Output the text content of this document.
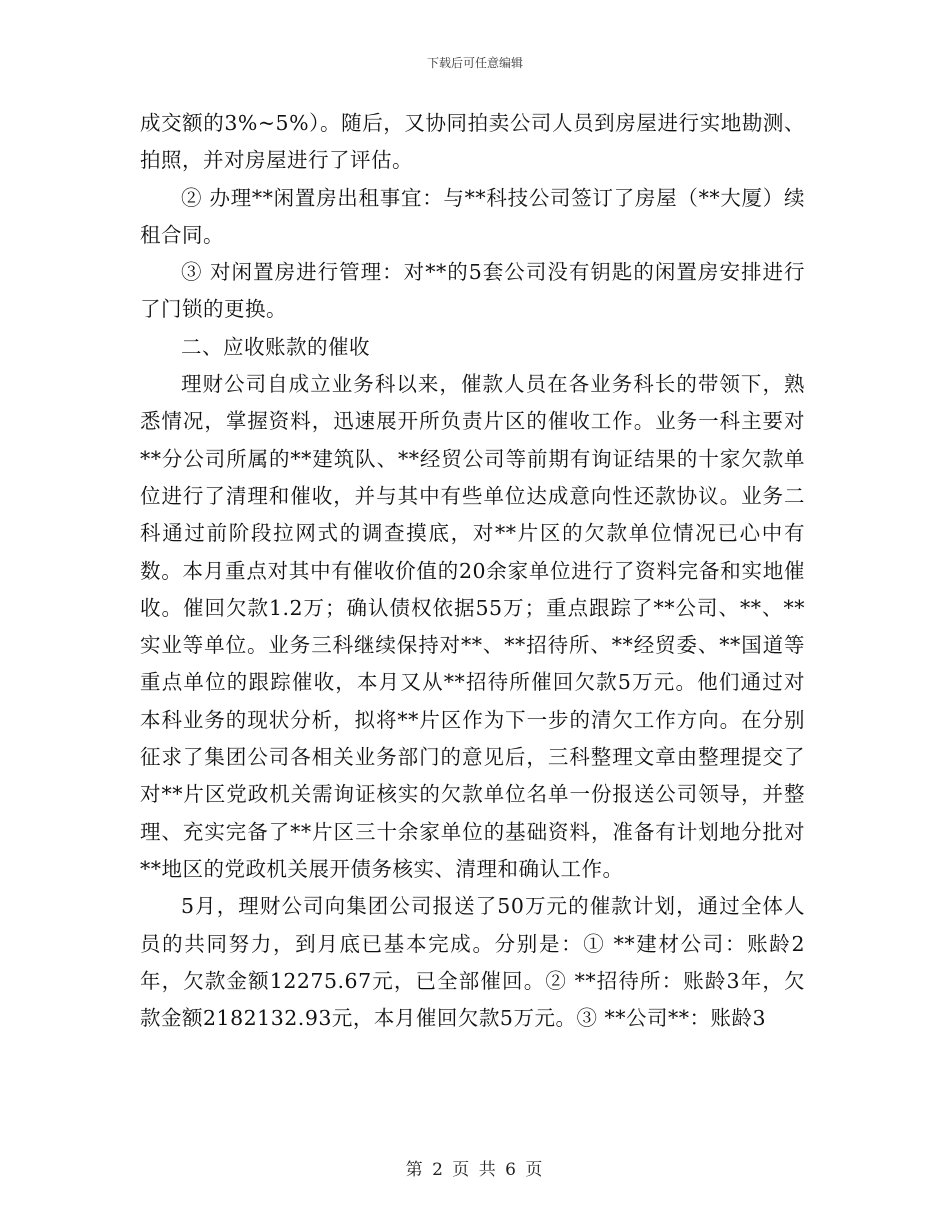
下载后可任意编辑

成交额的3%~5%）。随后，又协同拍卖公司人员到房屋进行实地勘测、拍照，并对房屋进行了评估。

② 办理**闲置房出租事宜：与**科技公司签订了房屋（**大厦）续租合同。

③ 对闲置房进行管理：对**的5套公司没有钥匙的闲置房安排进行了门锁的更换。

二、应收账款的催收

理财公司自成立业务科以来，催款人员在各业务科长的带领下，熟悉情况，掌握资料，迅速展开所负责片区的催收工作。业务一科主要对**分公司所属的**建筑队、**经贸公司等前期有询证结果的十家欠款单位进行了清理和催收，并与其中有些单位达成意向性还款协议。业务二科通过前阶段拉网式的调查摸底，对**片区的欠款单位情况已心中有数。本月重点对其中有催收价值的20余家单位进行了资料完备和实地催收。催回欠款1.2万；确认债权依据55万；重点跟踪了**公司、**、**实业等单位。业务三科继续保持对**、**招待所、**经贸委、**国道等重点单位的跟踪催收，本月又从**招待所催回欠款5万元。他们通过对本科业务的现状分析，拟将**片区作为下一步的清欠工作方向。在分别征求了集团公司各相关业务部门的意见后，三科整理文章由整理提交了对**片区党政机关需询证核实的欠款单位名单一份报送公司领导，并整理、充实完备了**片区三十余家单位的基础资料，准备有计划地分批对**地区的党政机关展开债务核实、清理和确认工作。

5月，理财公司向集团公司报送了50万元的催款计划，通过全体人员的共同努力，到月底已基本完成。分别是：① **建材公司：账龄2年，欠款金额12275.67元，已全部催回。② **招待所：账龄3年，欠款金额2182132.93元，本月催回欠款5万元。③ **公司**：账龄3

第 2 页 共 6 页
